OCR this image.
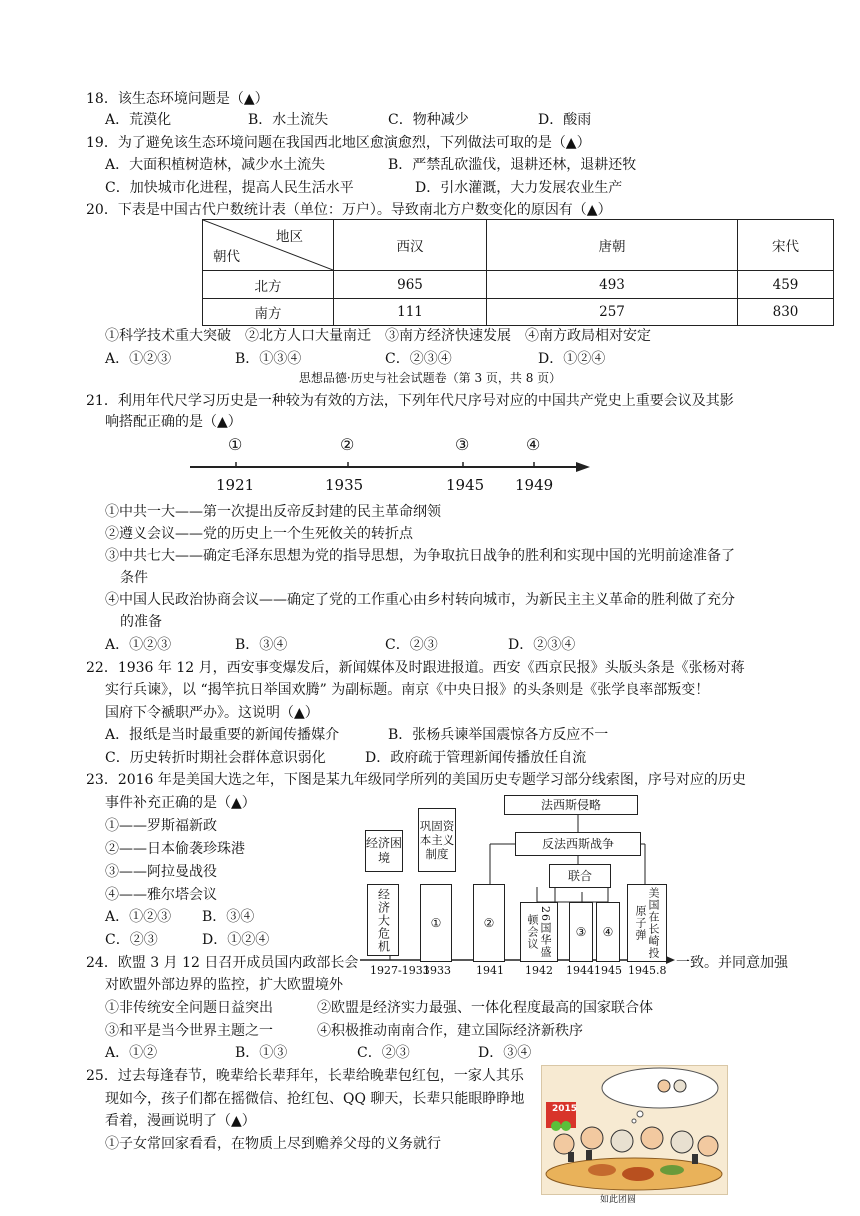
18．该生态环境问题是（▲）
A．荒漠化	B．水土流失	C．物种减少	D．酸雨
19．为了避免该生态环境问题在我国西北地区愈演愈烈，下列做法可取的是（▲）
A．大面积植树造林，减少水土流失	B．严禁乱砍滥伐，退耕还林，退耕还牧
C．加快城市化进程，提高人民生活水平	D．引水灌溉，大力发展农业生产
20．下表是中国古代户数统计表（单位：万户）。导致南北方户数变化的原因有（▲）
地区
朝代	西汉	唐朝	宋代
北方	965	493	459
南方	111	257	830
①科学技术重大突破　②北方人口大量南迁　③南方经济快速发展　④南方政局相对安定
A．①②③	B．①③④	C．②③④	D．①②④
思想品德·历史与社会试题卷（第 3 页，共 8 页）
21．利用年代尺学习历史是一种较为有效的方法，下列年代尺序号对应的中国共产党史上重要会议及其影
响搭配正确的是（▲）
①	②	③	④
1921	1935	1945 1949
①中共一大——第一次提出反帝反封建的民主革命纲领
②遵义会议——党的历史上一个生死攸关的转折点
③中共七大——确定毛泽东思想为党的指导思想，为争取抗日战争的胜利和实现中国的光明前途准备了
条件
④中国人民政治协商会议——确定了党的工作重心由乡村转向城市，为新民主主义革命的胜利做了充分
的准备
A．①②③	B．③④	C．②③	D．②③④
22．1936 年 12 月，西安事变爆发后，新闻媒体及时跟进报道。西安《西京民报》头版头条是《张杨对蒋
实行兵谏》，以 “揭竿抗日举国欢腾” 为副标题。南京《中央日报》的头条则是《张学良率部叛变！
国府下令褫职严办》。这说明（▲）
A．报纸是当时最重要的新闻传播媒介	B．张杨兵谏举国震惊各方反应不一
C．历史转折时期社会群体意识弱化	D．政府疏于管理新闻传播放任自流
23．2016 年是美国大选之年，下图是某九年级同学所列的美国历史专题学习部分线索图，序号对应的历史
事件补充正确的是（▲）
①——罗斯福新政
②——日本偷袭珍珠港
③——阿拉曼战役
④——雅尔塔会议
A．①②③ B．③④
C．②③	D．①②④
法西斯侵略
反法西斯战争
联合
经济困境
巩固资本主义制度
经济大危机	①	②	26国华盛顿会议	③	④	美国在长崎投原子弹
1927-1933
1933 1941 1942 1944 1945 1945.8
24．欧盟 3 月 12 日召开成员国内政部长会	一致。并同意加强
对欧盟外部边界的监控，扩大欧盟境外
①非传统安全问题日益突出	②欧盟是经济实力最强、一体化程度最高的国家联合体
③和平是当今世界主题之一	④积极推动南南合作，建立国际经济新秩序
A．①②	B．①③	C．②③	D．③④
25．过去每逢春节，晚辈给长辈拜年，长辈给晚辈包红包，一家人其乐
现如今，孩子们都在摇微信、抢红包、QQ 聊天，长辈只能眼睁睁地
看着，漫画说明了（▲）
①子女常回家看看，在物质上尽到赡养父母的义务就行
2015
如此团圆
